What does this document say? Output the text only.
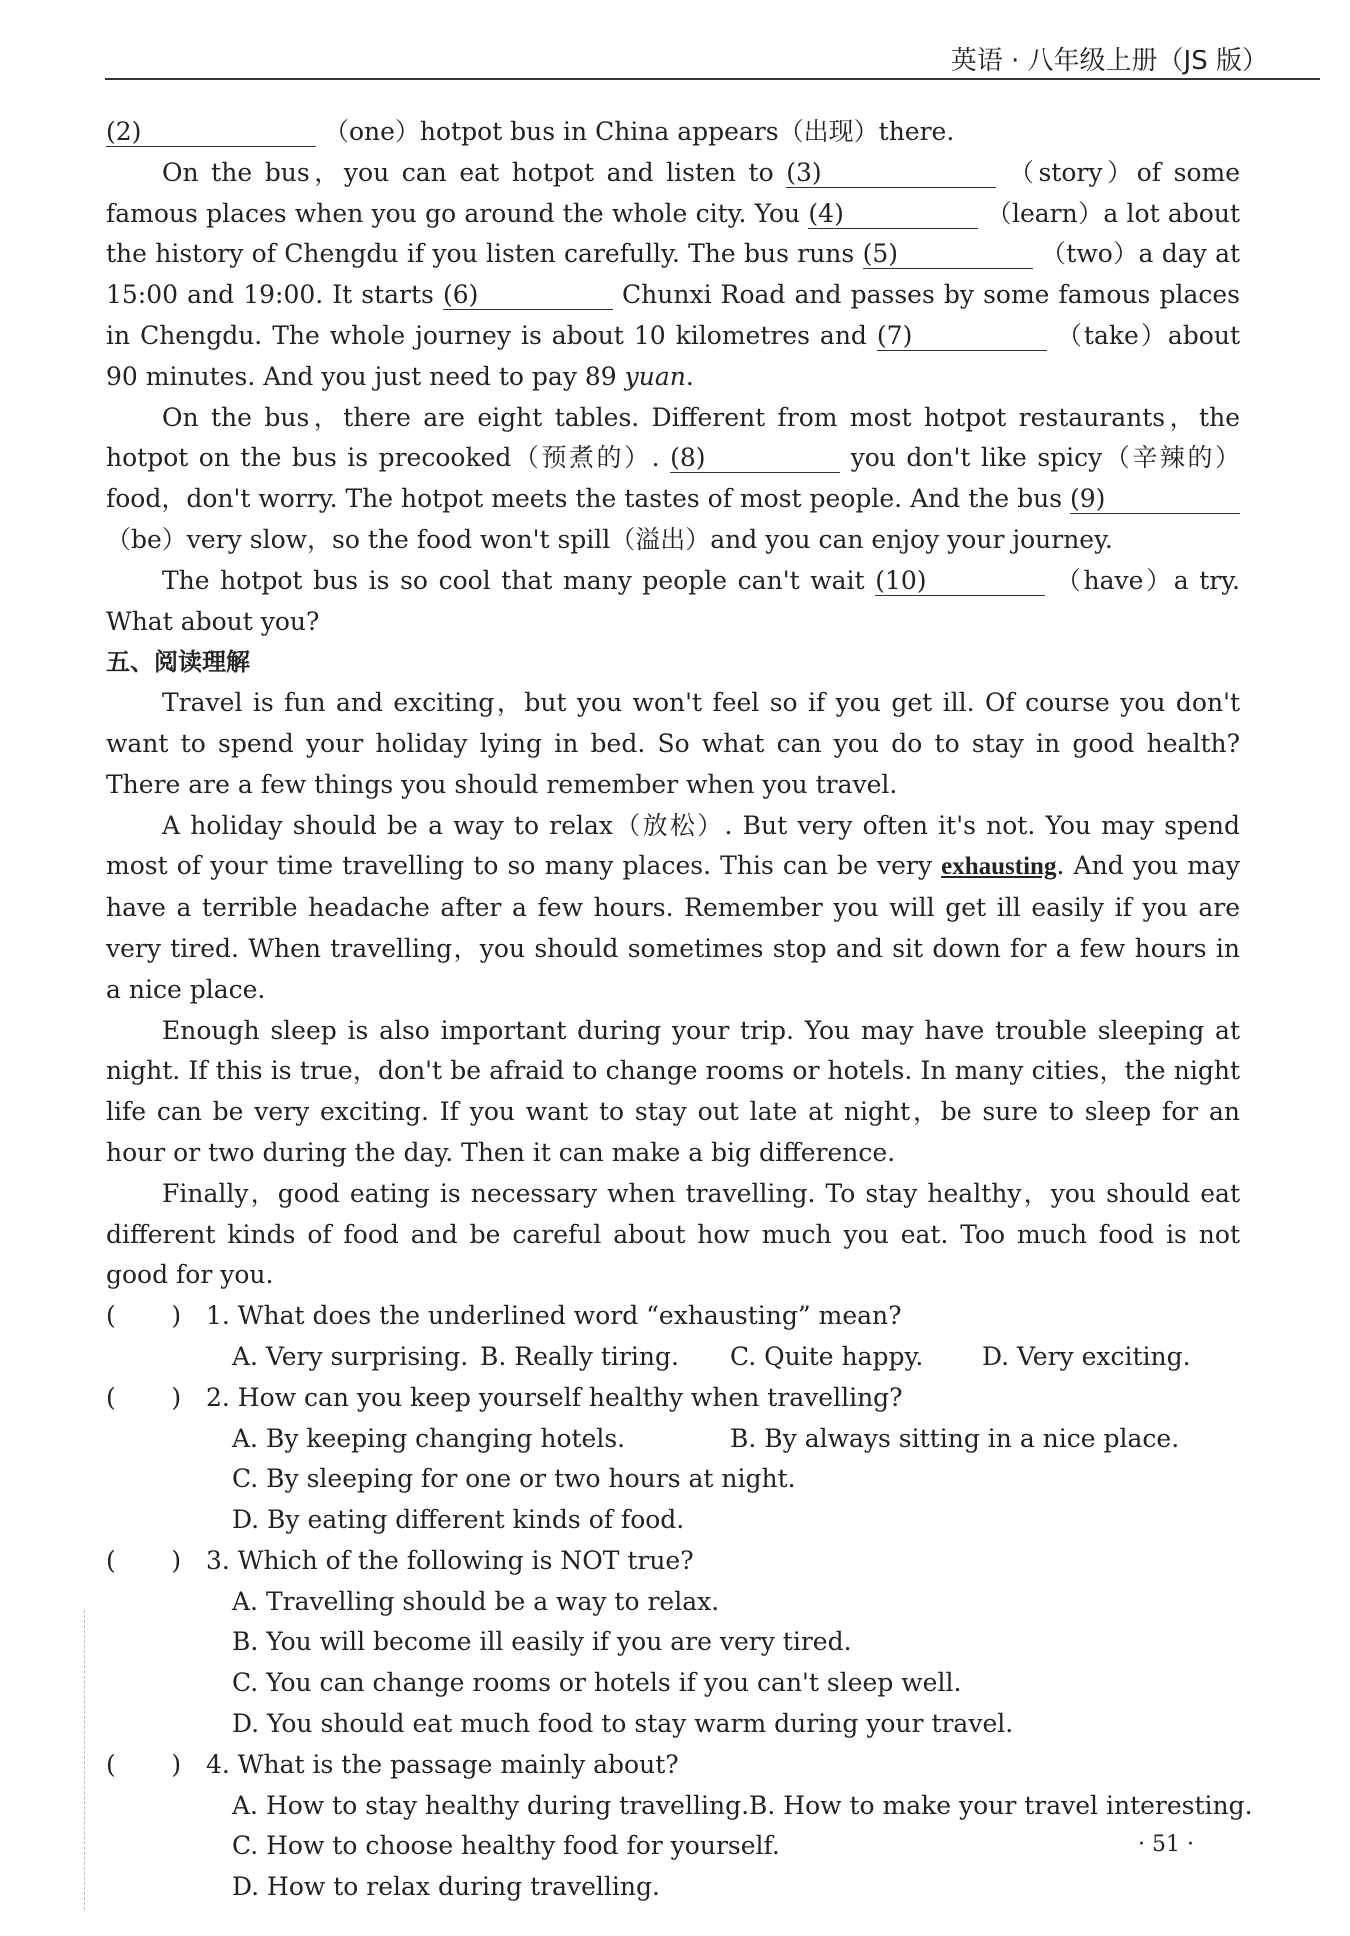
英语 · 八年级上册（JS 版）

(2)	（one）hotpot bus in China appears（出现）there.

On the bus，you can eat hotpot and listen to (3)	（story）of some famous places when you go around the whole city. You (4)	（learn）a lot about the history of Chengdu if you listen carefully. The bus runs (5)	（two）a day at 15:00 and 19:00. It starts (6)	Chunxi Road and passes by some famous places in Chengdu. The whole journey is about 10 kilometres and (7)	（take）about 90 minutes. And you just need to pay 89 yuan.

On the bus，there are eight tables. Different from most hotpot restaurants，the hotpot on the bus is precooked（预煮的）. (8)	you don't like spicy（辛辣的）food，don't worry. The hotpot meets the tastes of most people. And the bus (9) （be）very slow，so the food won't spill（溢出）and you can enjoy your journey.

The hotpot bus is so cool that many people can't wait (10)	（have）a try. What about you?

五、阅读理解

Travel is fun and exciting，but you won't feel so if you get ill. Of course you don't want to spend your holiday lying in bed. So what can you do to stay in good health? There are a few things you should remember when you travel.

A holiday should be a way to relax（放松）. But very often it's not. You may spend most of your time travelling to so many places. This can be very exhausting. And you may have a terrible headache after a few hours. Remember you will get ill easily if you are very tired. When travelling，you should sometimes stop and sit down for a few hours in a nice place.

Enough sleep is also important during your trip. You may have trouble sleeping at night. If this is true，don't be afraid to change rooms or hotels. In many cities，the night life can be very exciting. If you want to stay out late at night，be sure to sleep for an hour or two during the day. Then it can make a big difference.

Finally，good eating is necessary when travelling. To stay healthy，you should eat different kinds of food and be careful about how much you eat. Too much food is not good for you.

(       ) 1. What does the underlined word “exhausting” mean?
A. Very surprising. B. Really tiring.	C. Quite happy.	D. Very exciting.
(       ) 2. How can you keep yourself healthy when travelling?
A. By keeping changing hotels.	B. By always sitting in a nice place.
C. By sleeping for one or two hours at night.
D. By eating different kinds of food.
(       ) 3. Which of the following is NOT true?
A. Travelling should be a way to relax.
B. You will become ill easily if you are very tired.
C. You can change rooms or hotels if you can't sleep well.
D. You should eat much food to stay warm during your travel.
(       ) 4. What is the passage mainly about?
A. How to stay healthy during travelling. B. How to make your travel interesting.
C. How to choose healthy food for yourself.
D. How to relax during travelling.
· 51 ·
